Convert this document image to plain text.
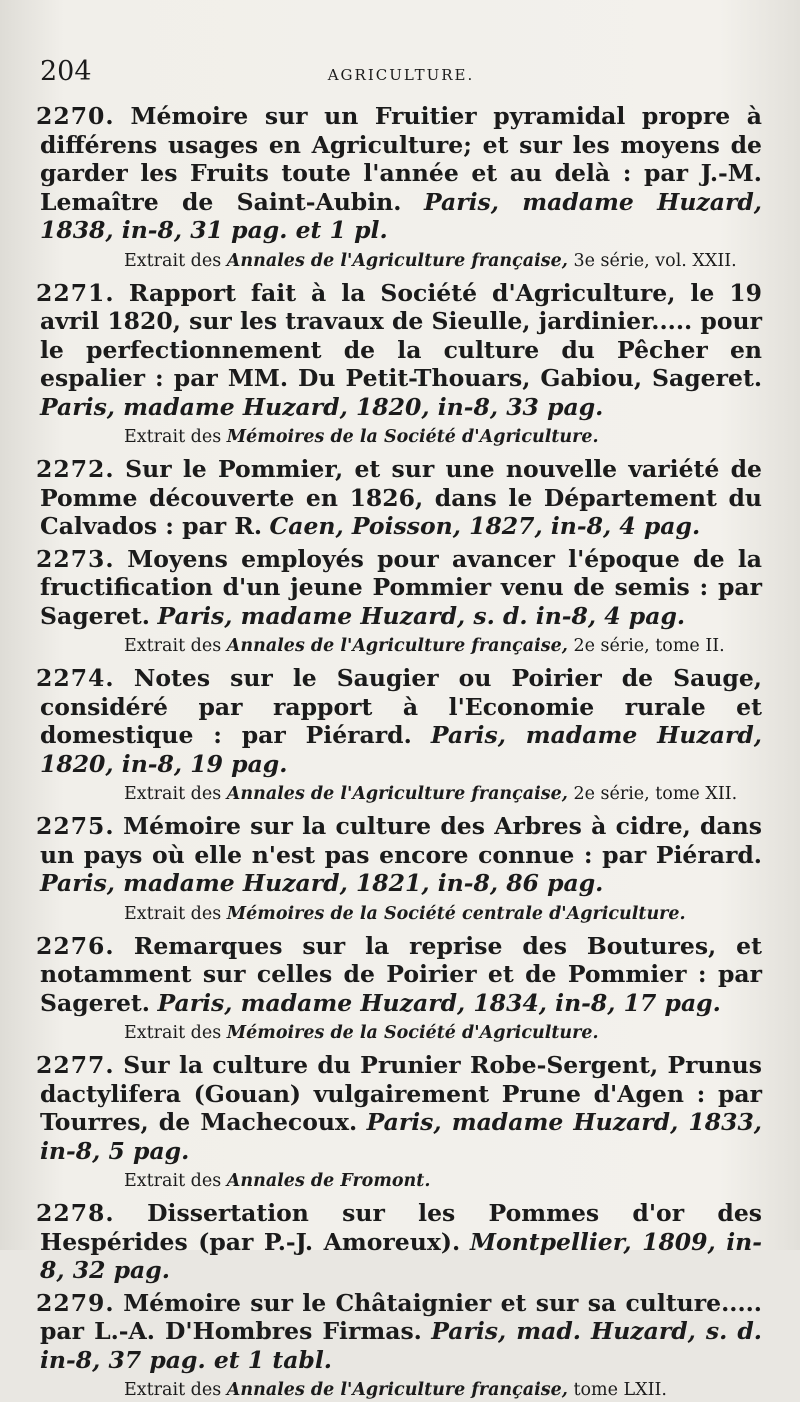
204	AGRICULTURE.

2270. Mémoire sur un Fruitier pyramidal propre à différens usages en Agriculture; et sur les moyens de garder les Fruits toute l'année et au delà : par J.-M. Lemaître de Saint-Aubin. Paris, madame Huzard, 1838, in-8, 31 pag. et 1 pl.

Extrait des Annales de l'Agriculture française, 3e série, vol. XXII.

2271. Rapport fait à la Société d'Agriculture, le 19 avril 1820, sur les travaux de Sieulle, jardinier..... pour le perfectionnement de la culture du Pêcher en espalier : par MM. Du Petit-Thouars, Gabiou, Sageret. Paris, madame Huzard, 1820, in-8, 33 pag.

Extrait des Mémoires de la Société d'Agriculture.

2272. Sur le Pommier, et sur une nouvelle variété de Pomme découverte en 1826, dans le Département du Calvados : par R. Caen, Poisson, 1827, in-8, 4 pag.

2273. Moyens employés pour avancer l'époque de la fructification d'un jeune Pommier venu de semis : par Sageret. Paris, madame Huzard, s. d. in-8, 4 pag.

Extrait des Annales de l'Agriculture française, 2e série, tome II.

2274. Notes sur le Saugier ou Poirier de Sauge, considéré par rapport à l'Economie rurale et domestique : par Piérard. Paris, madame Huzard, 1820, in-8, 19 pag.

Extrait des Annales de l'Agriculture française, 2e série, tome XII.

2275. Mémoire sur la culture des Arbres à cidre, dans un pays où elle n'est pas encore connue : par Piérard. Paris, madame Huzard, 1821, in-8, 86 pag.

Extrait des Mémoires de la Société centrale d'Agriculture.

2276. Remarques sur la reprise des Boutures, et notamment sur celles de Poirier et de Pommier : par Sageret. Paris, madame Huzard, 1834, in-8, 17 pag.

Extrait des Mémoires de la Société d'Agriculture.

2277. Sur la culture du Prunier Robe-Sergent, Prunus dactylifera (Gouan) vulgairement Prune d'Agen : par Tourres, de Machecoux. Paris, madame Huzard, 1833, in-8, 5 pag.

Extrait des Annales de Fromont.

2278. Dissertation sur les Pommes d'or des Hespérides (par P.-J. Amoreux). Montpellier, 1809, in-8, 32 pag.

2279. Mémoire sur le Châtaignier et sur sa culture..... par L.-A. D'Hombres Firmas. Paris, mad. Huzard, s. d. in-8, 37 pag. et 1 tabl.

Extrait des Annales de l'Agriculture française, tome LXII.
